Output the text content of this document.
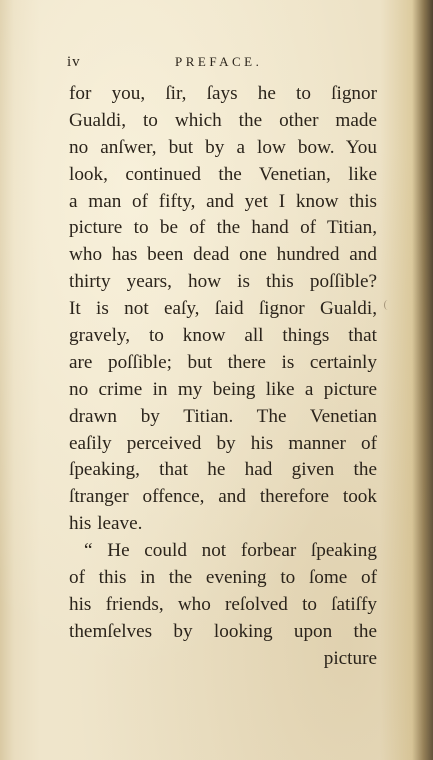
iv	PREFACE.
for you, ſir, ſays he to ſignor
Gualdi, to which the other made
no anſwer, but by a low bow. You
look, continued the Venetian, like
a man of fifty, and yet I know this
picture to be of the hand of Titian,
who has been dead one hundred and
thirty years, how is this poſſible?
It is not eaſy, ſaid ſignor Gualdi,
gravely, to know all things that
are poſſible; but there is certainly
no crime in my being like a picture
drawn by Titian. The Venetian
eaſily perceived by his manner of
ſpeaking, that he had given the
ſtranger offence, and therefore took
his leave.
“ He could not forbear ſpeaking
of this in the evening to ſome of
his friends, who reſolved to ſatiſfy
themſelves by looking upon the
picture
